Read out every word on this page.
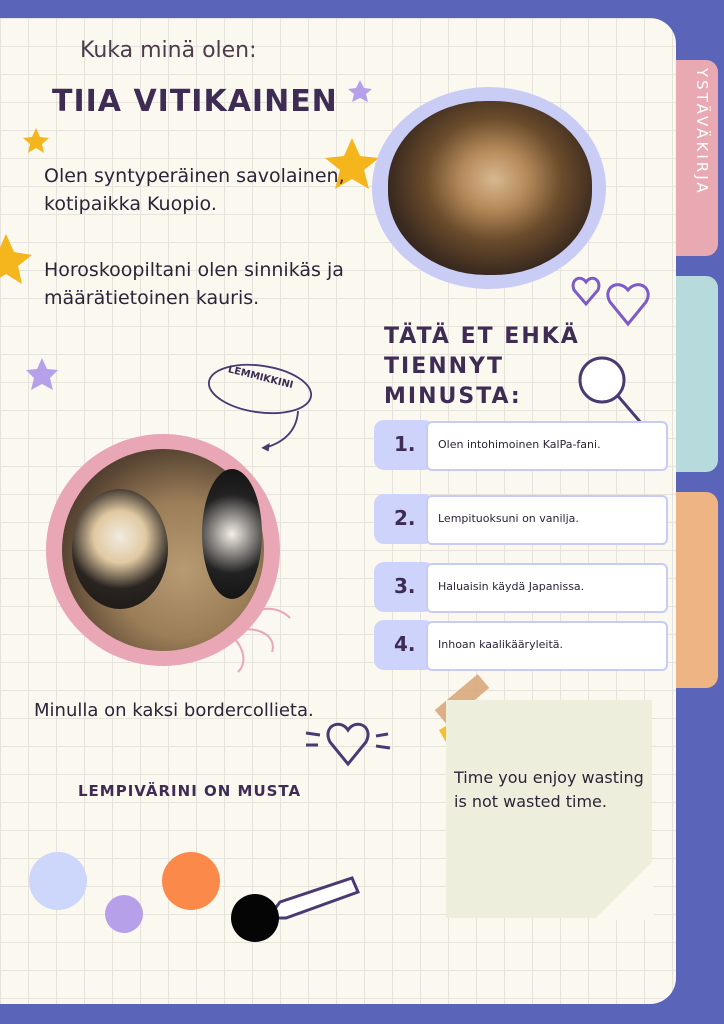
YSTÄVÄKIRJA
Kuka minä olen:
TIIA VITIKAINEN
Olen syntyperäinen savolainen, kotipaikka Kuopio.
Horoskoopiltani olen sinnikäs ja määrätietoinen kauris.
TÄTÄ ET EHKÄ
TIENNYT
MINUSTA:
1. Olen intohimoinen KalPa-fani.
2. Lempituoksuni on vanilja.
3. Haluaisin käydä Japanissa.
4. Inhoan kaalikääryleitä.
LEMMIKKINI
Minulla on kaksi bordercollieta.
LEMPIVÄRINI ON MUSTA
Time you enjoy wasting is not wasted time.
